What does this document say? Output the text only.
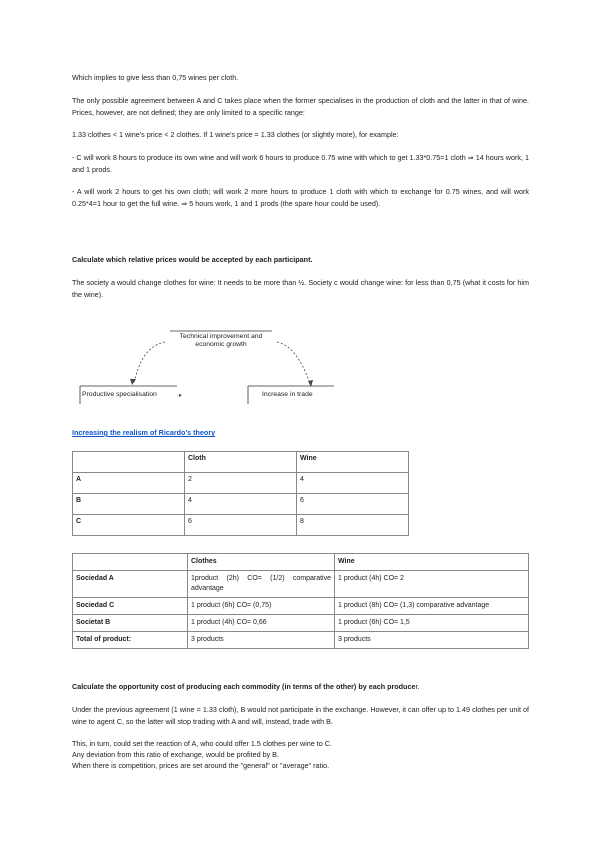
Which implies to give less than 0,75 wines per cloth.

The only possible agreement between A and C takes place when the former specialises in the production of cloth and the latter in that of wine. Prices, however, are not defined; they are only limited to a specific range:

1.33 clothes < 1 wine's price < 2 clothes. If 1 wine's price = 1.33 clothes (or slightly more), for example:

- C will work 8 hours to produce its own wine and will work 6 hours to produce 0.75 wine with which to get 1.33*0.75=1 cloth ⇒ 14 hours work, 1 and 1 prods.

- A will work 2 hours to get his own cloth; will work 2 more hours to produce 1 cloth with which to exchange for 0.75 wines, and will work 0.25*4=1 hour to get the full wine. ⇒ 5 hours work, 1 and 1 prods (the spare hour could be used).

Calculate which relative prices would be accepted by each participant.

The society a would change clothes for wine: It needs to be more than ½. Society c would change wine: for less than 0,75 (what it costs for him the wine).

Technical improvement and economic growth
Productive specialisation	Increase in trade
Increasing the realism of Ricardo's theory
	Cloth	Wine
A	2	4
B	4	6
C	6	8
	Clothes	Wine
Sociedad A	1product (2h) CO= (1/2) comparative advantage	1 product (4h) CO= 2
Sociedad C	1 product (6h) CO= (0,75)	1 product (8h) CO= (1,3) comparative advantage
Societat B	1 product (4h) CO= 0,66	1 product (6h) CO= 1,5
Total of product:	3 products	3 products

Calculate the opportunity cost of producing each commodity (in terms of the other) by each producer.

Under the previous agreement (1 wine = 1.33 cloth), B would not participate in the exchange. However, it can offer up to 1.49 clothes per unit of wine to agent C, so the latter will stop trading with A and will, instead, trade with B.

This, in turn, could set the reaction of A, who could offer 1.5 clothes per wine to C.

Any deviation from this ratio of exchange, would be profited by B.

When there is competition, prices are set around the "general" or "average" ratio.
